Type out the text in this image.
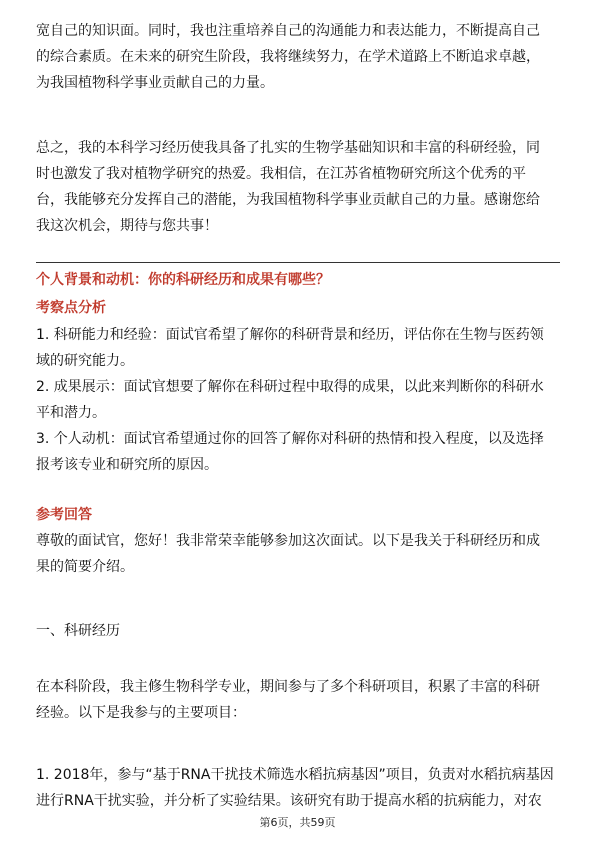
宽自己的知识面。同时，我也注重培养自己的沟通能力和表达能力，不断提高自己
的综合素质。在未来的研究生阶段，我将继续努力，在学术道路上不断追求卓越，
为我国植物科学事业贡献自己的力量。
总之，我的本科学习经历使我具备了扎实的生物学基础知识和丰富的科研经验，同
时也激发了我对植物学研究的热爱。我相信，在江苏省植物研究所这个优秀的平
台，我能够充分发挥自己的潜能，为我国植物科学事业贡献自己的力量。感谢您给
我这次机会，期待与您共事！
个人背景和动机：你的科研经历和成果有哪些？
考察点分析
1. 科研能力和经验：面试官希望了解你的科研背景和经历，评估你在生物与医药领
域的研究能力。
2. 成果展示：面试官想要了解你在科研过程中取得的成果，以此来判断你的科研水
平和潜力。
3. 个人动机：面试官希望通过你的回答了解你对科研的热情和投入程度，以及选择
报考该专业和研究所的原因。
参考回答
尊敬的面试官，您好！我非常荣幸能够参加这次面试。以下是我关于科研经历和成
果的简要介绍。
一、科研经历
在本科阶段，我主修生物科学专业，期间参与了多个科研项目，积累了丰富的科研
经验。以下是我参与的主要项目：
1. 2018年，参与“基于RNA干扰技术筛选水稻抗病基因”项目，负责对水稻抗病基因
进行RNA干扰实验，并分析了实验结果。该研究有助于提高水稻的抗病能力，对农
第6页，共59页
